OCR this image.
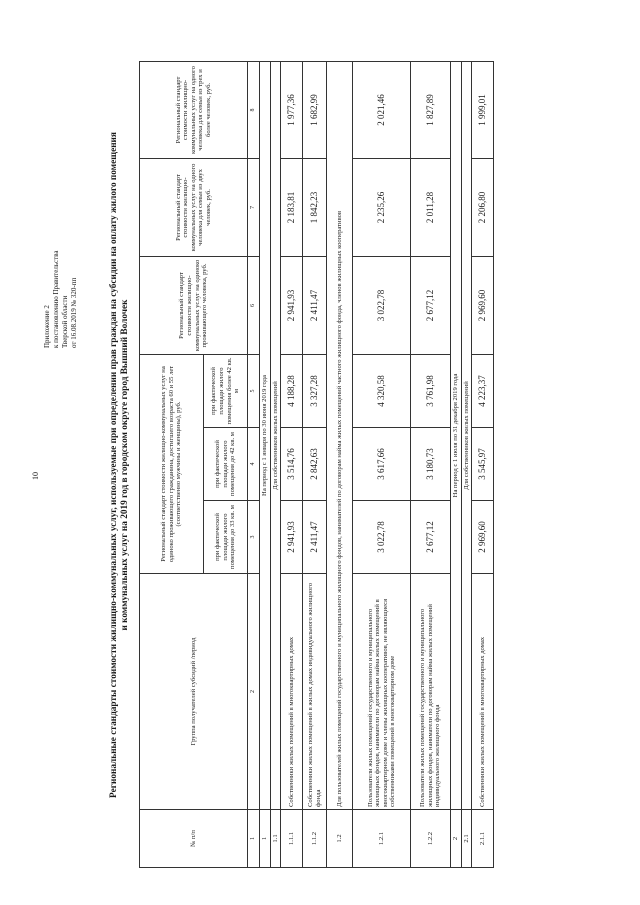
10
Приложение 2 к постановлению Правительства Тверской области от 16.08.2019 № 320-пп	Региональные стандарты стоимости жилищно-коммунальных услуг, используемые при определении прав граждан на субсидии на оплату жилого помещения и коммунальных услуг на 2019 год в городском округе город Вышний Волочек
№ п/п	Группа получателей субсидий /период	Региональный стандарт стоимости жилищно-коммунальных услуг на одиноко проживающего гражданина, достигшего возраста 60 и 55 лет (соответственно мужчины и женщины), руб.			Региональный стандарт стоимости жилищно-коммунальных услуг на одиноко проживающего человека, руб.	Региональный стандарт стоимости жилищно-коммунальных услуг на одного человека для семьи из двух человек, руб.	Региональный стандарт стоимости жилищно-коммунальных услуг на одного человека для семьи из трех и более человек, руб.
		при фактической площади жилого помещения до 33 кв. м	при фактической площади жилого помещения до 42 кв. м	при фактической площади жилого помещения более 42 кв. м			
1	2	3	4	5	6	7	8
1	На период с 1 января по 30 июня 2019 года						
1.1	Для собственников жилых помещений						
1.1.1	Собственники жилых помещений в многоквартирных домах	2 941,93	3 514,76	4 188,28	2 941,93	2 183,81	1 977,36
1.1.2	Собственники жилых помещений в жилых домах индивидуального жилищного фонда	2 411,47	2 842,63	3 327,28	2 411,47	1 842,23	1 682,99
1.2	Для пользователей жилых помещений государственного и муниципального жилищного фондов, нанимателей по договорам найма жилых помещений частного жилищного фонда, членов жилищных кооперативов						
1.2.1	Пользователи жилых помещений государственного и муниципального жилищных фондов, наниматели по договорам найма жилых помещений в многоквартирном доме и члены жилищных кооперативов, не являющиеся собственниками помещений в многоквартирном доме	3 022,78	3 617,66	4 320,58	3 022,78	2 235,26	2 021,46
1.2.2	Пользователи жилых помещений государственного и муниципального жилищных фондов, наниматели по договорам найма жилых помещений индивидуального жилищного фонда	2 677,12	3 180,73	3 761,98	2 677,12	2 011,28	1 827,89
2	На период с 1 июля по 31 декабря 2019 года						
2.1	Для собственников жилых помещений						
2.1.1	Собственники жилых помещений в многоквартирных домах	2 969,60	3 545,97	4 223,37	2 969,60	2 206,80	1 999,01
